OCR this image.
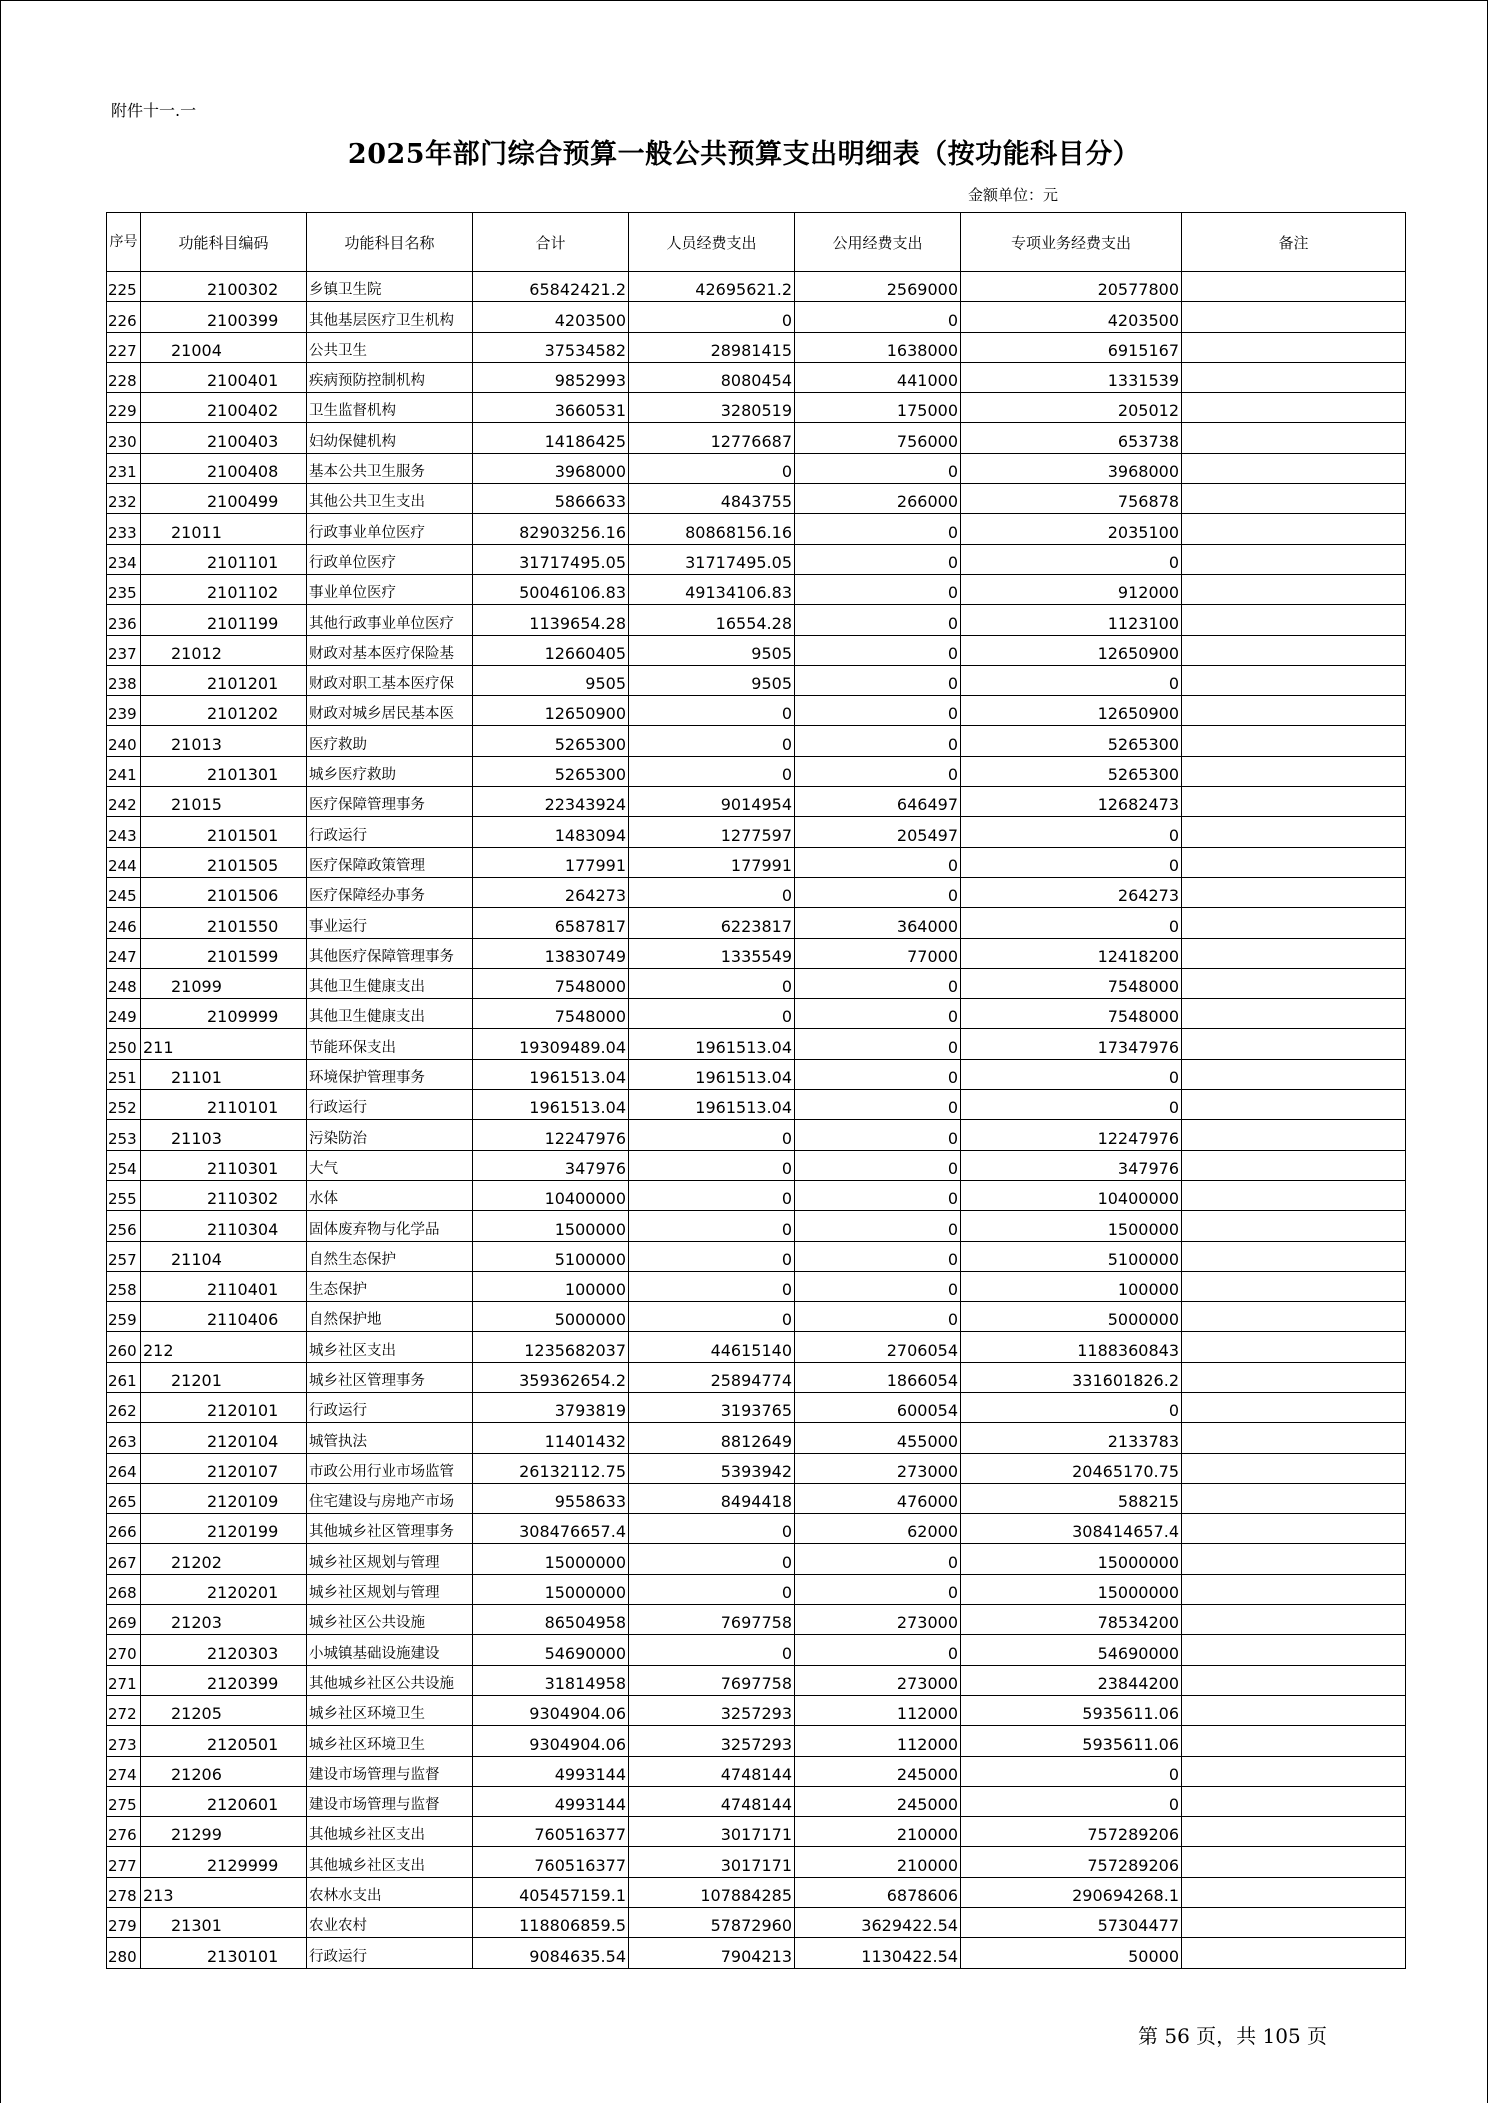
附件十一.一
2025年部门综合预算一般公共预算支出明细表（按功能科目分）
金额单位：元
序号	功能科目编码	功能科目名称	合计	人员经费支出	公用经费支出	专项业务经费支出	备注
225	2100302	乡镇卫生院	65842421.2	42695621.2	2569000	20577800	
226	2100399	其他基层医疗卫生机构	4203500	0	0	4203500	
227	21004	公共卫生	37534582	28981415	1638000	6915167	
228	2100401	疾病预防控制机构	9852993	8080454	441000	1331539	
229	2100402	卫生监督机构	3660531	3280519	175000	205012	
230	2100403	妇幼保健机构	14186425	12776687	756000	653738	
231	2100408	基本公共卫生服务	3968000	0	0	3968000	
232	2100499	其他公共卫生支出	5866633	4843755	266000	756878	
233	21011	行政事业单位医疗	82903256.16	80868156.16	0	2035100	
234	2101101	行政单位医疗	31717495.05	31717495.05	0	0	
235	2101102	事业单位医疗	50046106.83	49134106.83	0	912000	
236	2101199	其他行政事业单位医疗	1139654.28	16554.28	0	1123100	
237	21012	财政对基本医疗保险基	12660405	9505	0	12650900	
238	2101201	财政对职工基本医疗保	9505	9505	0	0	
239	2101202	财政对城乡居民基本医	12650900	0	0	12650900	
240	21013	医疗救助	5265300	0	0	5265300	
241	2101301	城乡医疗救助	5265300	0	0	5265300	
242	21015	医疗保障管理事务	22343924	9014954	646497	12682473	
243	2101501	行政运行	1483094	1277597	205497	0	
244	2101505	医疗保障政策管理	177991	177991	0	0	
245	2101506	医疗保障经办事务	264273	0	0	264273	
246	2101550	事业运行	6587817	6223817	364000	0	
247	2101599	其他医疗保障管理事务	13830749	1335549	77000	12418200	
248	21099	其他卫生健康支出	7548000	0	0	7548000	
249	2109999	其他卫生健康支出	7548000	0	0	7548000	
250	211	节能环保支出	19309489.04	1961513.04	0	17347976	
251	21101	环境保护管理事务	1961513.04	1961513.04	0	0	
252	2110101	行政运行	1961513.04	1961513.04	0	0	
253	21103	污染防治	12247976	0	0	12247976	
254	2110301	大气	347976	0	0	347976	
255	2110302	水体	10400000	0	0	10400000	
256	2110304	固体废弃物与化学品	1500000	0	0	1500000	
257	21104	自然生态保护	5100000	0	0	5100000	
258	2110401	生态保护	100000	0	0	100000	
259	2110406	自然保护地	5000000	0	0	5000000	
260	212	城乡社区支出	1235682037	44615140	2706054	1188360843	
261	21201	城乡社区管理事务	359362654.2	25894774	1866054	331601826.2	
262	2120101	行政运行	3793819	3193765	600054	0	
263	2120104	城管执法	11401432	8812649	455000	2133783	
264	2120107	市政公用行业市场监管	26132112.75	5393942	273000	20465170.75	
265	2120109	住宅建设与房地产市场	9558633	8494418	476000	588215	
266	2120199	其他城乡社区管理事务	308476657.4	0	62000	308414657.4	
267	21202	城乡社区规划与管理	15000000	0	0	15000000	
268	2120201	城乡社区规划与管理	15000000	0	0	15000000	
269	21203	城乡社区公共设施	86504958	7697758	273000	78534200	
270	2120303	小城镇基础设施建设	54690000	0	0	54690000	
271	2120399	其他城乡社区公共设施	31814958	7697758	273000	23844200	
272	21205	城乡社区环境卫生	9304904.06	3257293	112000	5935611.06	
273	2120501	城乡社区环境卫生	9304904.06	3257293	112000	5935611.06	
274	21206	建设市场管理与监督	4993144	4748144	245000	0	
275	2120601	建设市场管理与监督	4993144	4748144	245000	0	
276	21299	其他城乡社区支出	760516377	3017171	210000	757289206	
277	2129999	其他城乡社区支出	760516377	3017171	210000	757289206	
278	213	农林水支出	405457159.1	107884285	6878606	290694268.1	
279	21301	农业农村	118806859.5	57872960	3629422.54	57304477	
280	2130101	行政运行	9084635.54	7904213	1130422.54	50000	
第 56 页，共 105 页
